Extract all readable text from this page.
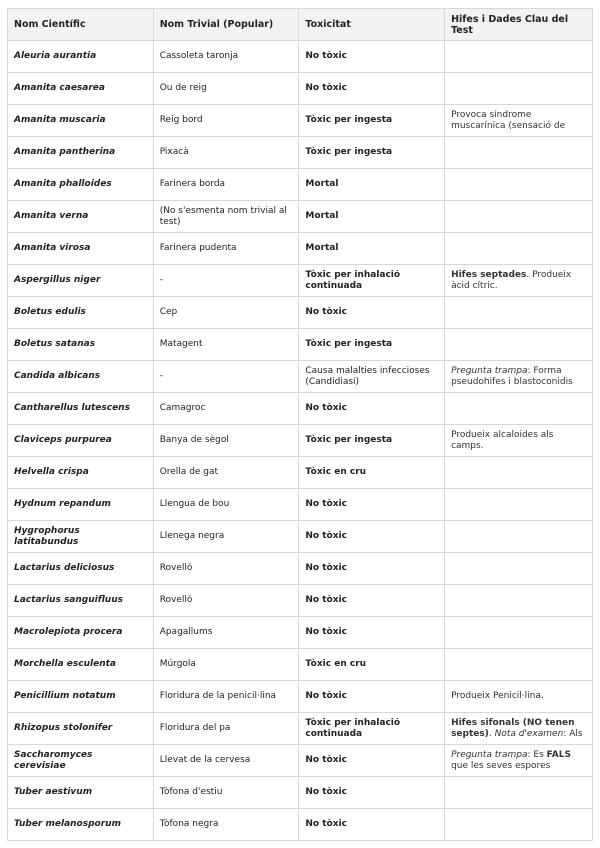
Nom Científic	Nom Trivial (Popular)	Toxicitat	Hifes i Dades Clau del Test
Aleuria aurantia	Cassoleta taronja	No tòxic	

Amanita caesarea	Ou de reig	No tòxic	

Amanita muscaria	Reig bord	Tòxic per ingesta	Provoca síndrome muscarínica (sensació de

Amanita pantherina	Pixacà	Tòxic per ingesta	

Amanita phalloides	Farinera borda	Mortal	

Amanita verna	(No s'esmenta nom trivial al test)	Mortal	

Amanita virosa	Farinera pudenta	Mortal	

Aspergillus niger	-	Tòxic per inhalació continuada	Hifes septades. Produeix àcid cítric.

Boletus edulis	Cep	No tòxic	

Boletus satanas	Matagent	Tòxic per ingesta	

Candida albicans	-	Causa malalties infeccioses (Candidiasi)	Pregunta trampa: Forma pseudohifes i blastoconidis

Cantharellus lutescens	Camagroc	No tòxic	

Claviceps purpurea	Banya de sègol	Tòxic per ingesta	Produeix alcaloides als camps.

Helvella crispa	Orella de gat	Tòxic en cru	

Hydnum repandum	Llengua de bou	No tòxic	

Hygrophorus latitabundus	Llenega negra	No tòxic	

Lactarius deliciosus	Rovelló	No tòxic	

Lactarius sanguifluus	Rovelló	No tòxic	

Macrolepiota procera	Apagallums	No tòxic	

Morchella esculenta	Múrgola	Tòxic en cru	

Penicillium notatum	Floridura de la penicil·lina	No tòxic	Produeix Penicil·lina.

Rhizopus stolonifer	Floridura del pa	Tòxic per inhalació continuada	Hifes sifonals (NO tenen septes). Nota d'examen: Als

Saccharomyces cerevisiae	Llevat de la cervesa	No tòxic	Pregunta trampa: És FALS que les seves espores

Tuber aestivum	Tòfona d'estiu	No tòxic	

Tuber melanosporum	Tòfona negra	No tòxic	
